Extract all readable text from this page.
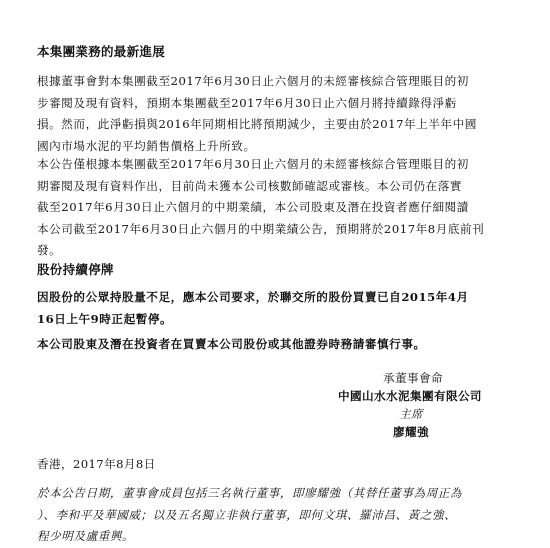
本集團業務的最新進展
根據董事會對本集團截至2017年6月30日止六個月的未經審核綜合管理賬目的初
步審閱及現有資料，預期本集團截至2017年6月30日止六個月將持續錄得淨虧
損。然而，此淨虧損與2016年同期相比將預期減少，主要由於2017年上半年中國
國內市場水泥的平均銷售價格上升所致。
本公告僅根據本集團截至2017年6月30日止六個月的未經審核綜合管理賬目的初
期審閱及現有資料作出，目前尚未獲本公司核數師確認或審核。本公司仍在落實
截至2017年6月30日止六個月的中期業績，本公司股東及潛在投資者應仔細閱讀
本公司截至2017年6月30日止六個月的中期業績公告，預期將於2017年8月底前刊
發。
股份持續停牌
因股份的公眾持股量不足，應本公司要求，於聯交所的股份買賣已自2015年4月
16日上午9時正起暫停。
本公司股東及潛在投資者在買賣本公司股份或其他證券時務請審慎行事。
承董事會命
中國山水水泥集團有限公司
主席
廖耀強
香港，2017年8月8日
於本公告日期，董事會成員包括三名執行董事，即廖耀強（其替任董事為周正為
）、李和平及華國威；以及五名獨立非執行董事，即何文琪、羅沛昌、黃之強、
程少明及盧重興。
